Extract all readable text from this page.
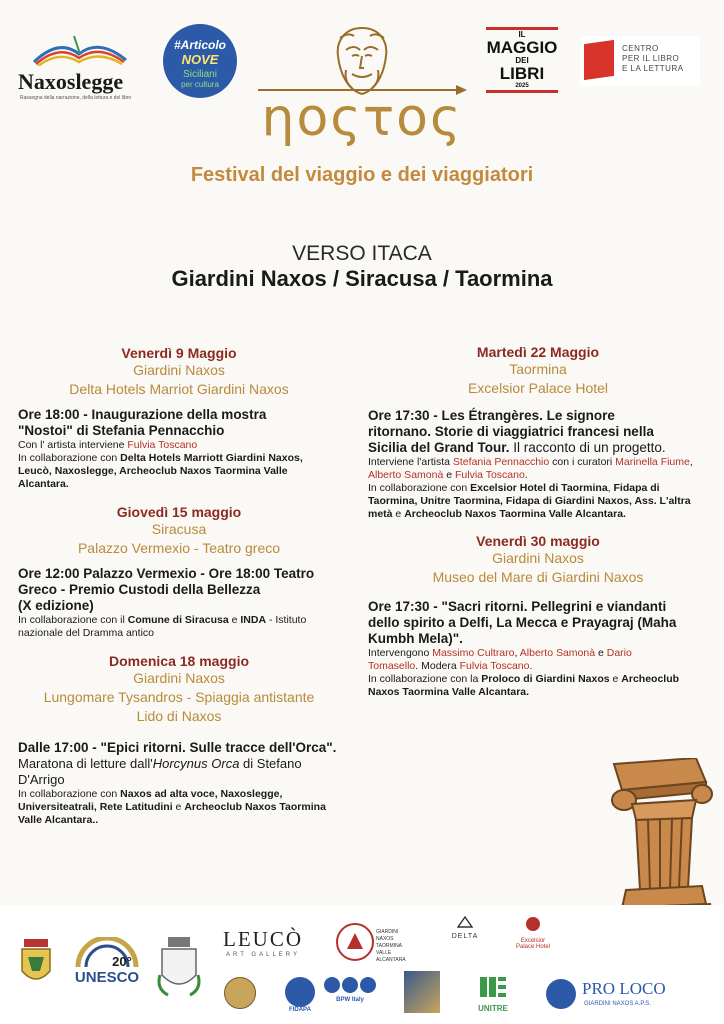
Naxoslegge
Rassegna della narrazione, della lettura e del libro
#Articolo
NOVE
Siciliani
per cultura
ηοςτος
Festival del viaggio e dei viaggiatori
IL
MAGGIO
DEI
LIBRI
2025
CENTRO
PER IL LIBRO
E LA LETTURA
VERSO ITACA
Giardini Naxos / Siracusa / Taormina
Venerdì 9 Maggio
Giardini Naxos
Delta Hotels Marriot Giardini Naxos
Ore 18:00 - Inaugurazione della mostra
"Nostoi" di Stefania Pennacchio
Con l' artista interviene Fulvia Toscano
In collaborazione con Delta Hotels Marriott Giardini Naxos,
Leucò, Naxoslegge, Archeoclub Naxos Taormina Valle
Alcantara.
Giovedì 15 maggio
Siracusa
Palazzo Vermexio - Teatro greco
Ore 12:00 Palazzo Vermexio - Ore 18:00 Teatro
Greco - Premio Custodi della Bellezza
(X edizione)
In collaborazione con il Comune di Siracusa e INDA - Istituto
nazionale del Dramma antico
Domenica 18 maggio
Giardini Naxos
Lungomare Tysandros - Spiaggia antistante
Lido di Naxos
Dalle 17:00 - "Epici ritorni. Sulle tracce dell'Orca".
Maratona di letture dall'Horcynus Orca di Stefano
D'Arrigo
In collaborazione con Naxos ad alta voce, Naxoslegge,
Universiteatrali, Rete Latitudini e Archeoclub Naxos Taormina
Valle Alcantara..
Martedì 22 Maggio
Taormina
Excelsior Palace Hotel
Ore 17:30 - Les Étrangères. Le signore
ritornano. Storie di viaggiatrici francesi nella
Sicilia del Grand Tour. Il racconto di un progetto.
Interviene l'artista Stefania Pennacchio con i curatori Marinella Fiume,
Alberto Samonà e Fulvia Toscano.
In collaborazione con Excelsior Hotel di Taormina, Fidapa di
Taormina, Unitre Taormina, Fidapa di Giardini Naxos, Ass. L'altra
metà e Archeoclub Naxos Taormina Valle Alcantara.
Venerdì 30 maggio
Giardini Naxos
Museo del Mare di Giardini Naxos
Ore 17:30 - "Sacri ritorni. Pellegrini e viandanti
dello spirito a Delfi, La Mecca e Prayagraj (Maha
Kumbh Mela)".
Intervengono Massimo Cultraro, Alberto Samonà e Dario
Tomasello. Modera Fulvia Toscano.
In collaborazione con la Proloco di Giardini Naxos e Archeoclub
Naxos Taormina Valle Alcantara.
20°
UNESCO
LEUCÒ
ART GALLERY
GIARDINI NAXOS
TAORMINA
VALLE ALCANTARA
DELTA
Excelsior
Palace Hotel
FIDAPA
BPW Italy
UNITRE
PRO LOCO
GIARDINI NAXOS A.P.S.
